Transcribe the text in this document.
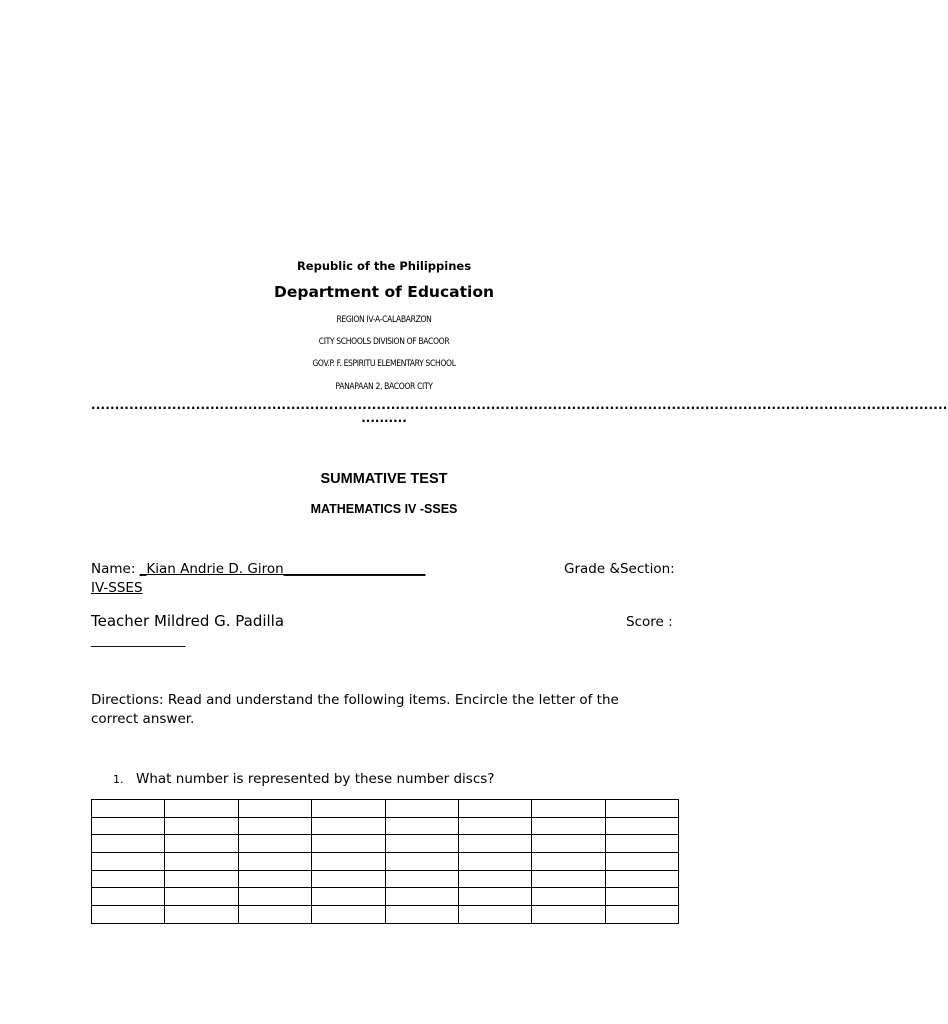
Republic of the Philippines
Department of Education
REGION IV-A-CALABARZON
CITY SCHOOLS DIVISION OF BACOOR
GOV.P. F. ESPIRITU ELEMENTARY SCHOOL
PANAPAAN 2, BACOOR CITY
....................................................................................................................................................................................
..........
SUMMATIVE TEST
MATHEMATICS IV -SSES
Name: _Kian Andrie D. Giron_____________________	Grade &Section:
IV-SSES
Teacher Mildred G. Padilla	Score :
______________
Directions: Read and understand the following items. Encircle the letter of the
correct answer.
1. What number is represented by these number discs?
